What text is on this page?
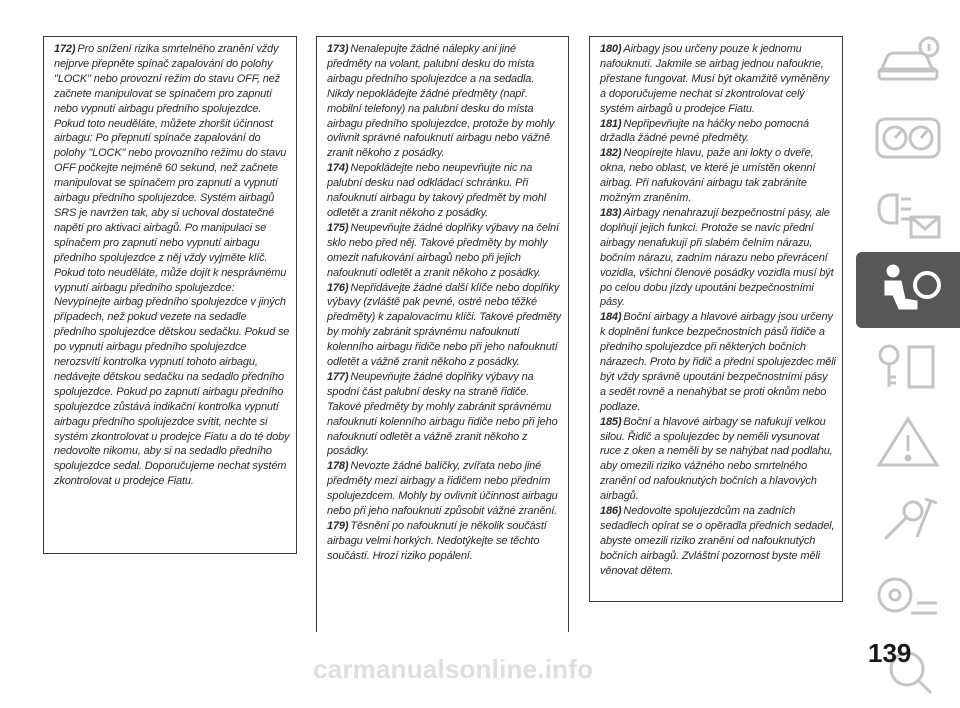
172) Pro snížení rizika smrtelného zranění vždy nejprve přepněte spínač zapalování do polohy "LOCK" nebo provozní režim do stavu OFF, než začnete manipulovat se spínačem pro zapnutí nebo vypnutí airbagu předního spolujezdce. Pokud toto neuděláte, můžete zhoršit účinnost airbagu: Po přepnutí spínače zapalování do polohy "LOCK" nebo provozního režimu do stavu OFF počkejte nejméně 60 sekund, než začnete manipulovat se spínačem pro zapnutí a vypnutí airbagu předního spolujezdce. Systém airbagů SRS je navržen tak, aby si uchoval dostatečné napětí pro aktivaci airbagů. Po manipulaci se spínačem pro zapnutí nebo vypnutí airbagu předního spolujezdce z něj vždy vyjměte klíč. Pokud toto neuděláte, může dojít k nesprávnému vypnutí airbagu předního spolujezdce: Nevypínejte airbag předního spolujezdce v jiných případech, než pokud vezete na sedadle předního spolujezdce dětskou sedačku. Pokud se po vypnutí airbagu předního spolujezdce nerozsvítí kontrolka vypnutí tohoto airbagu, nedávejte dětskou sedačku na sedadlo předního spolujezdce. Pokud po zapnutí airbagu předního spolujezdce zůstává indikační kontrolka vypnutí airbagu předního spolujezdce svítit, nechte si systém zkontrolovat u prodejce Fiatu a do té doby nedovolte nikomu, aby si na sedadlo předního spolujezdce sedal. Doporučujeme nechat systém zkontrolovat u prodejce Fiatu.

173) Nenalepujte žádné nálepky ani jiné předměty na volant, palubní desku do místa airbagu předního spolujezdce a na sedadla. Nikdy nepokládejte žádné předměty (např. mobilní telefony) na palubní desku do místa airbagu předního spolujezdce, protože by mohly ovlivnit správné nafouknutí airbagu nebo vážně zranit někoho z posádky.

174) Nepokládejte nebo neupevňujte nic na palubní desku nad odkládací schránku. Při nafouknutí airbagu by takový předmět by mohl odletět a zranit někoho z posádky.

175) Neupevňujte žádné doplňky výbavy na čelní sklo nebo před něj. Takové předměty by mohly omezit nafukování airbagů nebo při jejich nafouknutí odletět a zranit někoho z posádky.

176) Nepřidávejte žádné další klíče nebo doplňky výbavy (zvláště pak pevné, ostré nebo těžké předměty) k zapalovacímu klíči. Takové předměty by mohly zabránit správnému nafouknutí kolenního airbagu řidiče nebo při jeho nafouknutí odletět a vážně zranit někoho z posádky.

177) Neupevňujte žádné doplňky výbavy na spodní část palubní desky na straně řidiče. Takové předměty by mohly zabránit správnému nafouknutí kolenního airbagu řidiče nebo při jeho nafouknutí odletět a vážně zranit někoho z posádky.

178) Nevozte žádné balíčky, zvířata nebo jiné předměty mezi airbagy a řidičem nebo předním spolujezdcem. Mohly by ovlivnit účinnost airbagu nebo při jeho nafouknutí způsobit vážné zranění.

179) Těsnění po nafouknutí je několik součástí airbagu velmi horkých. Nedotýkejte se těchto součástí. Hrozí riziko popálení.

180) Airbagy jsou určeny pouze k jednomu nafouknutí. Jakmile se airbag jednou nafoukne, přestane fungovat. Musí být okamžitě vyměněny a doporučujeme nechat si zkontrolovat celý systém airbagů u prodejce Fiatu.

181) Nepřipevňujte na háčky nebo pomocná držadla žádné pevné předměty.

182) Neopírejte hlavu, paže ani lokty o dveře, okna, nebo oblast, ve které je umístěn okenní airbag. Při nafukování airbagu tak zabráníte možným zraněním.

183) Airbagy nenahrazují bezpečnostní pásy, ale doplňují jejich funkci. Protože se navíc přední airbagy nenafukují při slabém čelním nárazu, bočním nárazu, zadním nárazu nebo převrácení vozidla, všichni členové posádky vozidla musí být po celou dobu jízdy upoutáni bezpečnostními pásy.

184) Boční airbagy a hlavové airbagy jsou určeny k doplnění funkce bezpečnostních pásů řidiče a předního spolujezdce při některých bočních nárazech. Proto by řidič a přední spolujezdec měli být vždy správně upoutáni bezpečnostními pásy a sedět rovně a nenahýbat se proti oknům nebo podlaze.

185) Boční a hlavové airbagy se nafukují velkou silou. Řidič a spolujezdec by neměli vysunovat ruce z oken a neměli by se nahýbat nad podlahu, aby omezili riziko vážného nebo smrtelného zranění od nafouknutých bočních a hlavových airbagů.

186) Nedovolte spolujezdcům na zadních sedadlech opírat se o opěradla předních sedadel, abyste omezili riziko zranění od nafouknutých bočních airbagů. Zvláštní pozornost byste měli věnovat dětem.

139
carmanualsonline.info
